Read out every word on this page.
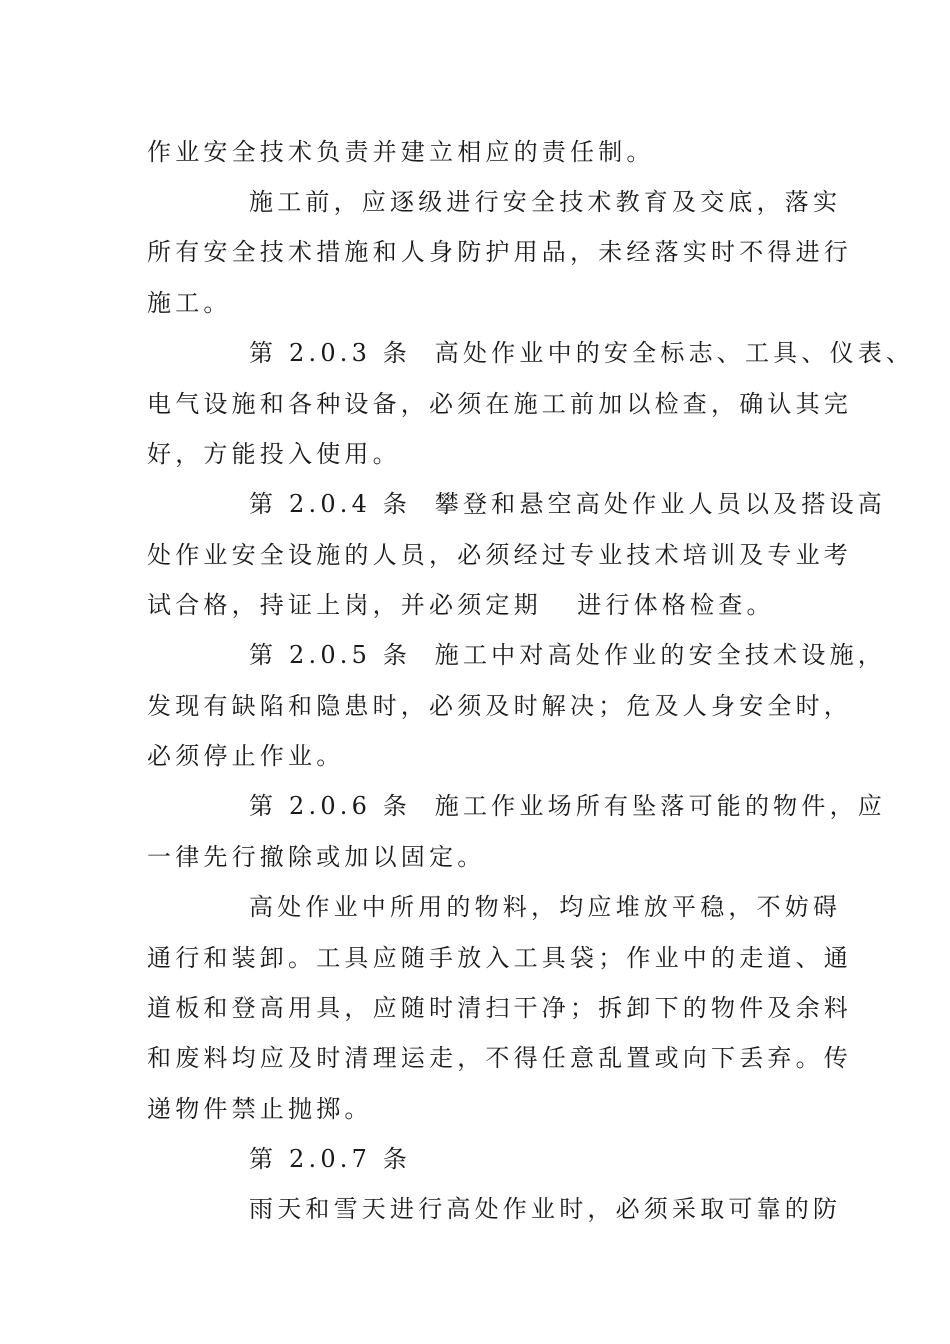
作业安全技术负责并建立相应的责任制。
施工前，应逐级进行安全技术教育及交底，落实
所有安全技术措施和人身防护用品，未经落实时不得进行
施工。
第 2.0.3 条  高处作业中的安全标志、工具、仪表、
电气设施和各种设备，必须在施工前加以检查，确认其完
好，方能投入使用。
第 2.0.4 条  攀登和悬空高处作业人员以及搭设高
处作业安全设施的人员，必须经过专业技术培训及专业考
试合格，持证上岗，并必须定期   进行体格检查。
第 2.0.5 条  施工中对高处作业的安全技术设施，
发现有缺陷和隐患时，必须及时解决；危及人身安全时，
必须停止作业。
第 2.0.6 条  施工作业场所有坠落可能的物件，应
一律先行撤除或加以固定。
高处作业中所用的物料，均应堆放平稳，不妨碍
通行和装卸。工具应随手放入工具袋；作业中的走道、通
道板和登高用具，应随时清扫干净；拆卸下的物件及余料
和废料均应及时清理运走，不得任意乱置或向下丢弃。传
递物件禁止抛掷。
第 2.0.7 条
雨天和雪天进行高处作业时，必须采取可靠的防
